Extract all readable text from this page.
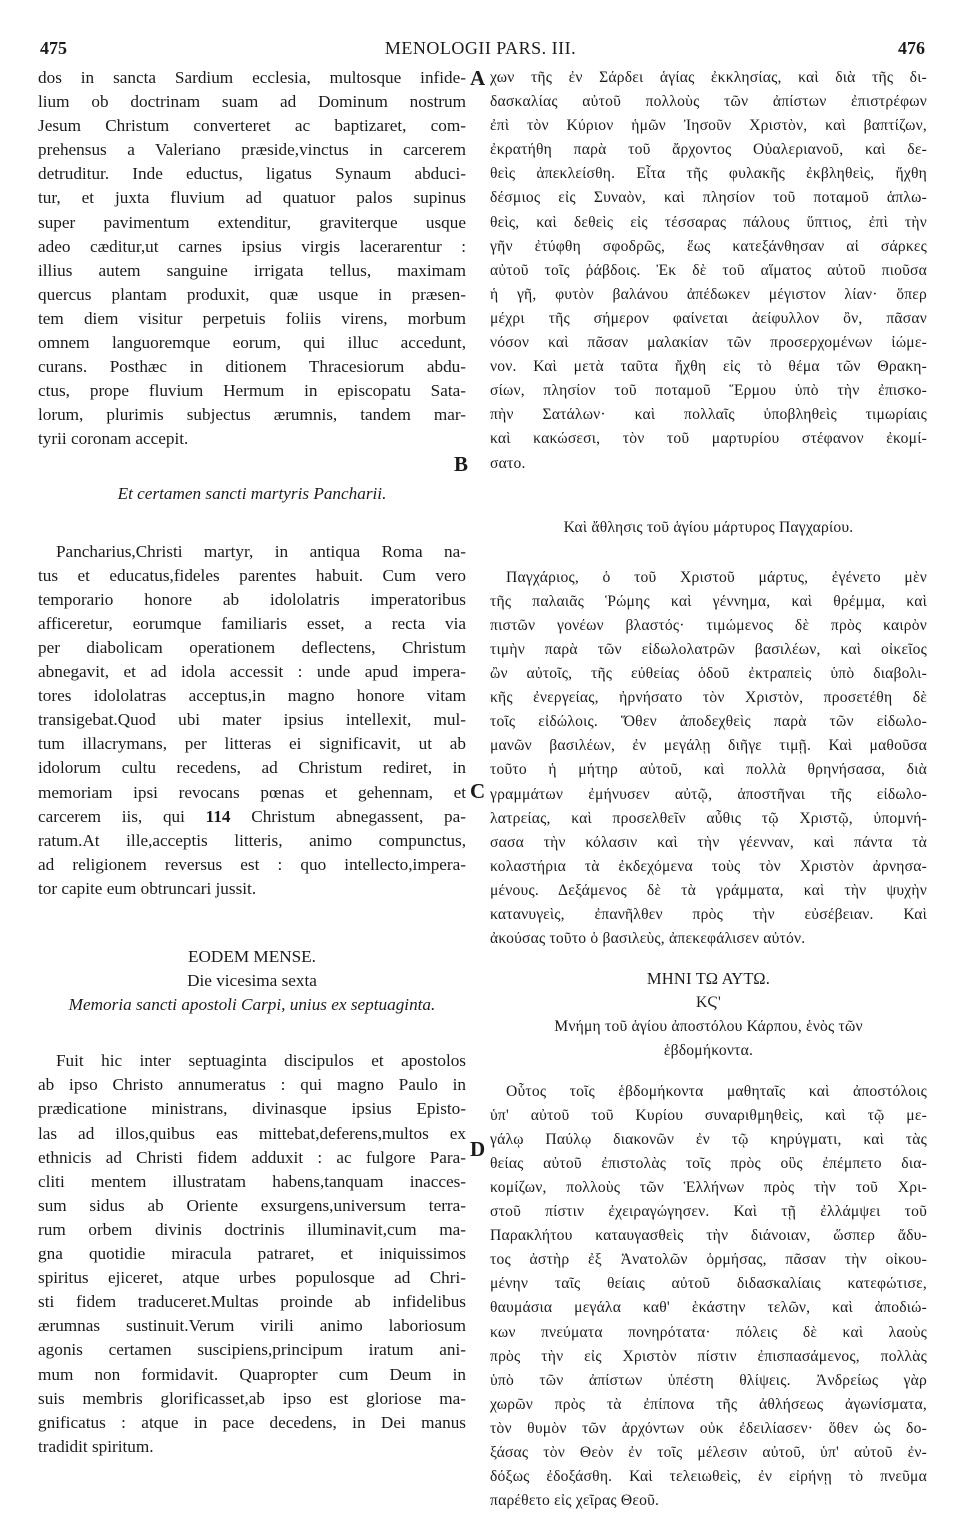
475	MENOLOGII PARS. III.	476
A
B
C
D
dos in sancta Sardium ecclesia, multosque infide-
lium ob doctrinam suam ad Dominum nostrum
Jesum Christum converteret ac baptizaret, com-
prehensus a Valeriano præside,vinctus in carcerem
detruditur. Inde eductus, ligatus Synaum abduci-
tur, et juxta fluvium ad quatuor palos supinus
super pavimentum extenditur, graviterque usque
adeo cæditur,ut carnes ipsius virgis lacerarentur :
illius autem sanguine irrigata tellus, maximam
quercus plantam produxit, quæ usque in præsen-
tem diem visitur perpetuis foliis virens, morbum
omnem languoremque eorum, qui illuc accedunt,
curans. Posthæc in ditionem Thracesiorum abdu-
ctus, prope fluvium Hermum in episcopatu Sata-
lorum, plurimis subjectus ærumnis, tandem mar-
tyrii coronam accepit.
Et certamen sancti martyris Pancharii.
Pancharius,Christi martyr, in antiqua Roma na-
tus et educatus,fideles parentes habuit. Cum vero
temporario honore ab idololatris imperatoribus
afficeretur, eorumque familiaris esset, a recta via
per diabolicam operationem deflectens, Christum
abnegavit, et ad idola accessit : unde apud impera-
tores idololatras acceptus,in magno honore vitam
transigebat.Quod ubi mater ipsius intellexit, mul-
tum illacrymans, per litteras ei significavit, ut ab
idolorum cultu recedens, ad Christum rediret, in
memoriam ipsi revocans pœnas et gehennam, et
carcerem iis, qui 114 Christum abnegassent, pa-
ratum.At ille,acceptis litteris, animo compunctus,
ad religionem reversus est : quo intellecto,impera-
tor capite eum obtruncari jussit.
EODEM MENSE.
Die vicesima sexta
Memoria sancti apostoli Carpi, unius ex septuaginta.
Fuit hic inter septuaginta discipulos et apostolos
ab ipso Christo annumeratus : qui magno Paulo in
prædicatione ministrans, divinasque ipsius Episto-
las ad illos,quibus eas mittebat,deferens,multos ex
ethnicis ad Christi fidem adduxit : ac fulgore Para-
cliti mentem illustratam habens,tanquam inacces-
sum sidus ab Oriente exsurgens,universum terra-
rum orbem divinis doctrinis illuminavit,cum ma-
gna quotidie miracula patraret, et iniquissimos
spiritus ejiceret, atque urbes populosque ad Chri-
sti fidem traduceret.Multas proinde ab infidelibus
ærumnas sustinuit.Verum virili animo laboriosum
agonis certamen suscipiens,principum iratum ani-
mum non formidavit. Quapropter cum Deum in
suis membris glorificasset,ab ipso est gloriose ma-
gnificatus : atque in pace decedens, in Dei manus
tradidit spiritum.
χων τῆς ἐν Σάρδει ἁγίας ἐκκλησίας, καὶ διὰ τῆς δι-
δασκαλίας αὐτοῦ πολλοὺς τῶν ἀπίστων ἐπιστρέφων
ἐπὶ τὸν Κύριον ἡμῶν Ἰησοῦν Χριστὸν, καὶ βαπτίζων,
ἐκρατήθη παρὰ τοῦ ἄρχοντος Οὐαλεριανοῦ, καὶ δε-
θεὶς ἀπεκλείσθη. Εἶτα τῆς φυλακῆς ἐκβληθεὶς, ἤχθη
δέσμιος εἰς Συναὸν, καὶ πλησίον τοῦ ποταμοῦ ἁπλω-
θεὶς, καὶ δεθεὶς εἰς τέσσαρας πάλους ὕπτιος, ἐπὶ τὴν
γῆν ἐτύφθη σφοδρῶς, ἕως κατεξάνθησαν αἱ σάρκες
αὐτοῦ τοῖς ῥάβδοις. Ἐκ δὲ τοῦ αἵματος αὐτοῦ πιοῦσα
ἡ γῆ, φυτὸν βαλάνου ἀπέδωκεν μέγιστον λίαν· ὅπερ
μέχρι τῆς σήμερον φαίνεται ἀείφυλλον ὂν, πᾶσαν
νόσον καὶ πᾶσαν μαλακίαν τῶν προσερχομένων ἰώμε-
νον. Καὶ μετὰ ταῦτα ἤχθη εἰς τὸ θέμα τῶν Θρακη-
σίων, πλησίον τοῦ ποταμοῦ Ἕρμου ὑπὸ τὴν ἐπισκο-
πὴν Σατάλων· καὶ πολλαῖς ὑποβληθεὶς τιμωρίαις
καὶ κακώσεσι, τὸν τοῦ μαρτυρίου στέφανον ἐκομί-
σατο.
Καὶ ἄθλησις τοῦ ἁγίου μάρτυρος Παγχαρίου.
Παγχάριος, ὁ τοῦ Χριστοῦ μάρτυς, ἐγένετο μὲν
τῆς παλαιᾶς Ῥώμης καὶ γέννημα, καὶ θρέμμα, καὶ
πιστῶν γονέων βλαστός· τιμώμενος δὲ πρὸς καιρὸν
τιμὴν παρὰ τῶν εἰδωλολατρῶν βασιλέων, καὶ οἰκεῖος
ὢν αὐτοῖς, τῆς εὐθείας ὁδοῦ ἐκτραπεὶς ὑπὸ διαβολι-
κῆς ἐνεργείας, ἠρνήσατο τὸν Χριστὸν, προσετέθη δὲ
τοῖς εἰδώλοις. Ὅθεν ἀποδεχθεὶς παρὰ τῶν εἰδωλο-
μανῶν βασιλέων, ἐν μεγάλῃ διῆγε τιμῇ. Καὶ μαθοῦσα
τοῦτο ἡ μήτηρ αὐτοῦ, καὶ πολλὰ θρηνήσασα, διὰ
γραμμάτων ἐμήνυσεν αὐτῷ, ἀποστῆναι τῆς εἰδωλο-
λατρείας, καὶ προσελθεῖν αὖθις τῷ Χριστῷ, ὑπομνή-
σασα τὴν κόλασιν καὶ τὴν γέενναν, καὶ πάντα τὰ
κολαστήρια τὰ ἐκδεχόμενα τοὺς τὸν Χριστὸν ἀρνησα-
μένους. Δεξάμενος δὲ τὰ γράμματα, καὶ τὴν ψυχὴν
κατανυγεὶς, ἐπανῆλθεν πρὸς τὴν εὐσέβειαν. Καὶ
ἀκούσας τοῦτο ὁ βασιλεὺς, ἀπεκεφάλισεν αὐτόν.
ΜΗΝΙ ΤΩ ΑΥΤΩ.
ΚϚ'
Μνήμη τοῦ ἁγίου ἀποστόλου Κάρπου, ἑνὸς τῶν
ἑβδομήκοντα.
Οὗτος τοῖς ἑβδομήκοντα μαθηταῖς καὶ ἀποστόλοις
ὑπ' αὐτοῦ τοῦ Κυρίου συναριθμηθεὶς, καὶ τῷ με-
γάλῳ Παύλῳ διακονῶν ἐν τῷ κηρύγματι, καὶ τὰς
θείας αὐτοῦ ἐπιστολὰς τοῖς πρὸς οὓς ἐπέμπετο δια-
κομίζων, πολλοὺς τῶν Ἑλλήνων πρὸς τὴν τοῦ Χρι-
στοῦ πίστιν ἐχειραγώγησεν. Καὶ τῇ ἐλλάμψει τοῦ
Παρακλήτου καταυγασθεὶς τὴν διάνοιαν, ὥσπερ ἄδυ-
τος ἀστὴρ ἐξ Ἀνατολῶν ὁρμήσας, πᾶσαν τὴν οἰκου-
μένην ταῖς θείαις αὐτοῦ διδασκαλίαις κατεφώτισε,
θαυμάσια μεγάλα καθ' ἑκάστην τελῶν, καὶ ἀποδιώ-
κων πνεύματα πονηρότατα· πόλεις δὲ καὶ λαοὺς
πρὸς τὴν εἰς Χριστὸν πίστιν ἐπισπασάμενος, πολλὰς
ὑπὸ τῶν ἀπίστων ὑπέστη θλίψεις. Ἀνδρείως γὰρ
χωρῶν πρὸς τὰ ἐπίπονα τῆς ἀθλήσεως ἀγωνίσματα,
τὸν θυμὸν τῶν ἀρχόντων οὐκ ἐδειλίασεν· ὅθεν ὡς δο-
ξάσας τὸν Θεὸν ἐν τοῖς μέλεσιν αὐτοῦ, ὑπ' αὐτοῦ ἐν-
δόξως ἐδοξάσθη. Καὶ τελειωθεὶς, ἐν εἰρήνῃ τὸ πνεῦμα
παρέθετο εἰς χεῖρας Θεοῦ.
